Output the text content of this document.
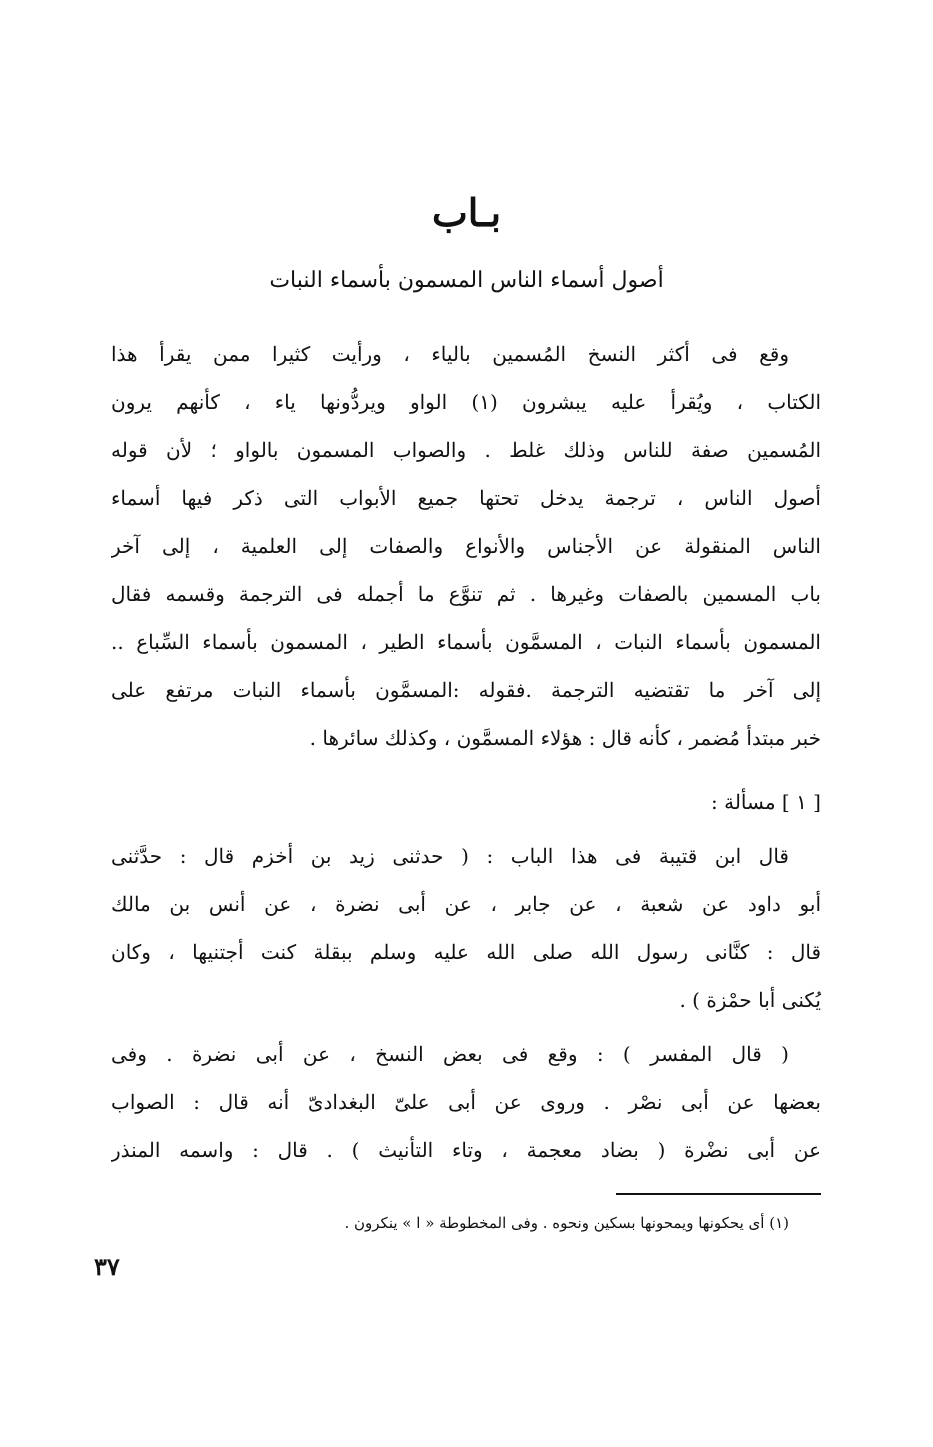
بـاب
أصول أسماء الناس المسمون بأسماء النبات
وقع فى أكثر النسخ المُسمين بالياء ، ورأيت كثيرا ممن يقرأ هذا
الكتاب ، ويُقرأ عليه يبشرون (١) الواو ويردُّونها ياء ، كأنهم يرون
المُسمين صفة للناس وذلك غلط . والصواب المسمون بالواو ؛ لأن قوله
أصول الناس ، ترجمة يدخل تحتها جميع الأبواب التى ذكر فيها أسماء
الناس المنقولة عن الأجناس والأنواع والصفات إلى العلمية ، إلى آخر
باب المسمين بالصفات وغيرها . ثم تنوَّع ما أجمله فى الترجمة وقسمه فقال
المسمون بأسماء النبات ، المسمَّون بأسماء الطير ، المسمون بأسماء السِّباع ..
إلى آخر ما تقتضيه الترجمة .فقوله :المسمَّون بأسماء النبات مرتفع على
خبر مبتدأ مُضمر ، كأنه قال : هؤلاء المسمَّون ، وكذلك سائرها .
[ ١ ] مسألة :
قال ابن قتيبة فى هذا الباب : ( حدثنى زيد بن أخزم قال : حدَّثنى
أبو داود عن شعبة ، عن جابر ، عن أبى نضرة ، عن أنس بن مالك
قال : كنَّانى رسول الله صلى الله عليه وسلم ببقلة كنت أجتنيها ، وكان
يُكنى أبا حمْزة ) .
( قال المفسر ) : وقع فى بعض النسخ ، عن أبى نضرة . وفى
بعضها عن أبى نصْر . وروى عن أبى علىّ البغدادىّ أنه قال : الصواب
عن أبى نضْرة ( بضاد معجمة ، وتاء التأنيث ) . قال : واسمه المنذر
(١) أى يحكونها ويمحونها بسكين ونحوه . وفى المخطوطة « ا » ينكرون .
٣٧
